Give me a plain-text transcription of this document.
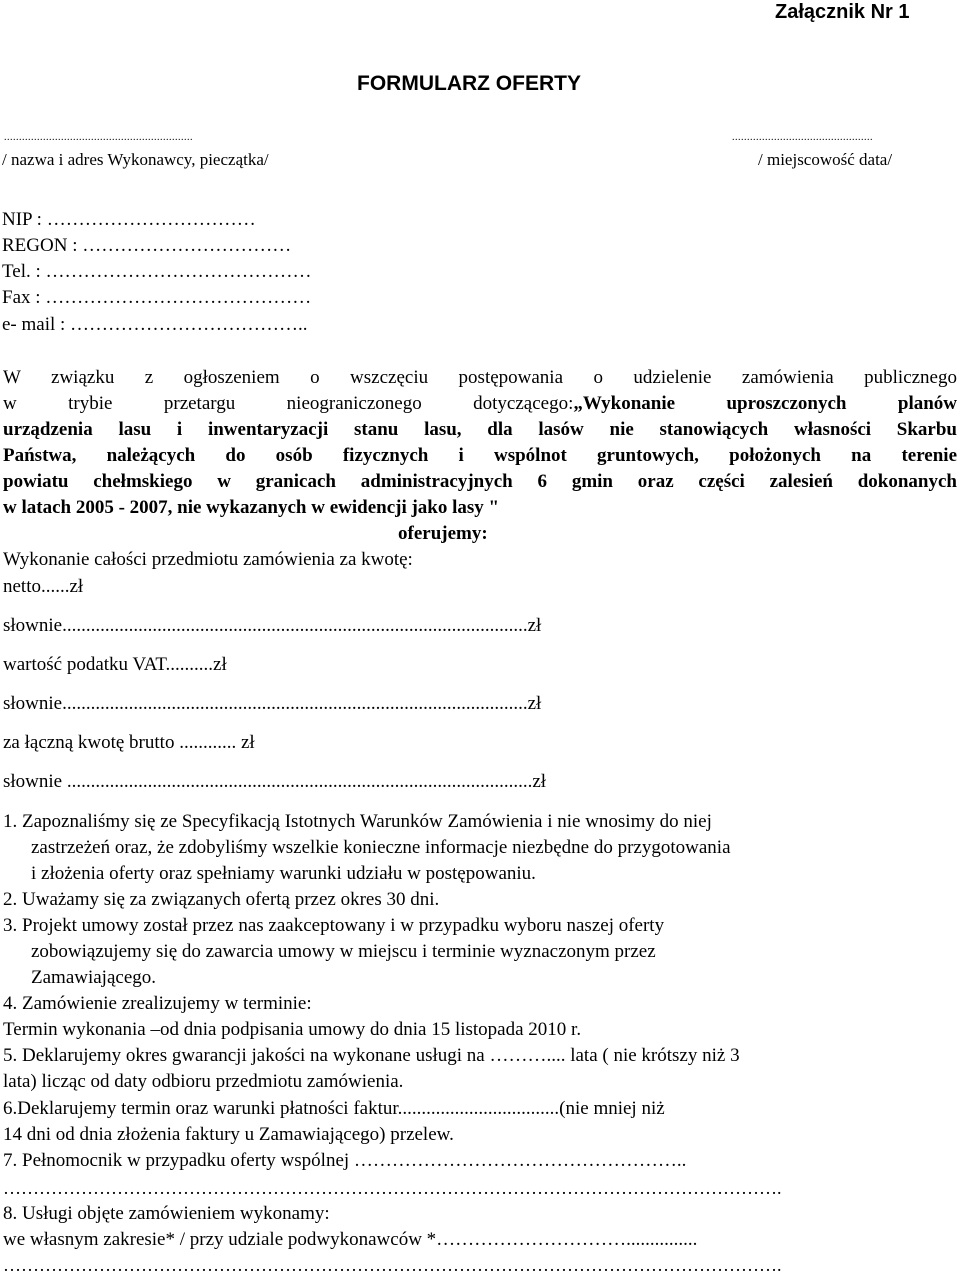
Załącznik Nr 1
FORMULARZ OFERTY
...............................................................	...............................................
/ nazwa i adres Wykonawcy, pieczątka/	/ miejscowość data/
NIP : ……………………………
REGON : ……………………………
Tel. : ……………………………………
Fax : ……………………………………
e- mail : ………………………………..
W związku z ogłoszeniem o wszczęciu postępowania o udzielenie zamówienia publicznego
w trybie przetargu nieograniczonego dotyczącego:„Wykonanie uproszczonych planów
urządzenia lasu i inwentaryzacji stanu lasu, dla lasów nie stanowiących własności Skarbu
Państwa, należących do osób fizycznych i wspólnot gruntowych, położonych na terenie
powiatu chełmskiego w granicach administracyjnych 6 gmin oraz części zalesień dokonanych
w latach 2005 - 2007, nie wykazanych w ewidencji jako lasy "
oferujemy:
Wykonanie całości przedmiotu zamówienia za kwotę:
netto......zł
słownie..................................................................................................zł
wartość podatku VAT..........zł
słownie..................................................................................................zł
za łączną kwotę brutto ............ zł
słownie ..................................................................................................zł
1. Zapoznaliśmy się ze Specyfikacją Istotnych Warunków Zamówienia i nie wnosimy do niej
zastrzeżeń oraz, że zdobyliśmy wszelkie konieczne informacje niezbędne do przygotowania
i złożenia oferty oraz spełniamy warunki udziału w postępowaniu.
2. Uważamy się za związanych ofertą przez okres 30 dni.
3. Projekt umowy został przez nas zaakceptowany i w przypadku wyboru naszej oferty
zobowiązujemy się do zawarcia umowy w miejscu i terminie wyznaczonym przez
Zamawiającego.
4. Zamówienie zrealizujemy w terminie:
Termin wykonania –od dnia podpisania umowy do dnia 15 listopada 2010 r.
5. Deklarujemy okres gwarancji jakości na wykonane usługi na ……….... lata ( nie krótszy niż 3
lata) licząc od daty odbioru przedmiotu zamówienia.
6.Deklarujemy termin oraz warunki płatności faktur..................................(nie mniej niż
14 dni od dnia złożenia faktury u Zamawiającego) przelew.
7. Pełnomocnik w przypadku oferty wspólnej ……………………………………………..
………………………………………………………………………………………………………………….
8. Usługi objęte zamówieniem wykonamy:
we własnym zakresie* / przy udziale podwykonawców *…………………………...............
………………………………………………………………………………………………………………….
